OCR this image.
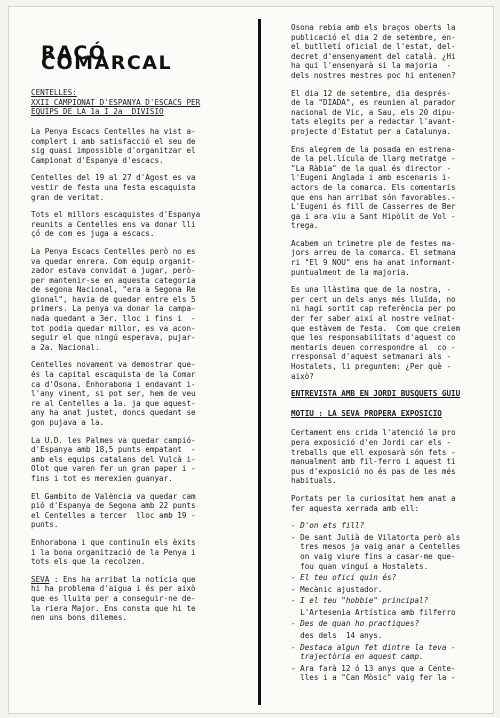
RACÓ COMARCAL
CENTELLES:
XXII CAMPIONAT D'ESPANYA D'ESCACS PER
EQUIPS DE LA 1a I 2a  DIVISIO
La Penya Escacs Centelles ha vist a-
complert i amb satisfacció el seu de
sig quasi impossible d'organitzar el
Campionat d'Espanya d'escacs.
Centelles del 19 al 27 d'Agost es va
vestir de festa una festa escaquista
gran de veritat.
Tots el millors escaquistes d'Espanya
reunits a Centelles ens va donar lli
çó de com es juga a escacs.
La Penya Escacs Centelles però no es
va quedar enrera. Com equip organit-
zador estava convidat a jugar, però-
per mantenir-se en aquesta categoria
de segona Nacional, "era a Segona Re
gional", havia de quedar entre els 5
primers. La penya va donar la campa-
nada quedant a 3er. lloc i fins i  -
tot podia quedar millor, es va acon-
seguir el que ningú esperava, pujar-
a 2a. Nacional.
Centelles novament va demostrar que-
és la capital escaquista de la Comar
ca d'Osona. Enhorabona i endavant i-
l'any vinent, si pot ser, hem de veu
re al Centelles a 1a. ja que aquest-
any ha anat justet, doncs quedant se
gon pujava a la.
La U.D. les Palmes va quedar campió-
d'Espanya amb 18,5 punts empatant  -
amb els equips catalans del Vulcà i-
Olot que varen fer un gran paper i -
fins i tot es merexien guanyar.
El Gambito de València va quedar cam
pió d'Espanya de Segona amb 22 punts
el Centelles a tercer  lloc amb 19 -
punts.
Enhorabona i que continuïn els èxits
i la bona organització de la Penya i
tots els que la recolzen.
SEVA : Ens ha arribat la notícia que
hi ha problema d'aigua i és per això
que es lluita per a conseguir-ne de-
la riera Major. Ens consta que hi te
nen uns bons dilemes.
Osona rebia amb els braços oberts la
publicació el dia 2 de setembre, en-
el butlletí oficial de l'estat, del-
decret d'ensenyament del català. ¿Hi
ha qui l'ensenyarà si la majoria  -
dels nostres mestres poc hi entenen?
El dia 12 de setembre, dia després-
de la "DIADA", es reunien al parador
nacional de Vic, a Sau, els 20 dipu-
tats elegits per a redactar l'avant-
projecte d'Estatut per a Catalunya.
Ens alegrem de la posada en estrena-
de la pel.lícula de llarg metratge -
"La Ràbia" de la qual és director -
l'Eugeni Anglada i amb escenaris i-
actors de la comarca. Els comentaris
que ens han arribat són favorables.-
L'Eugeni és fill de Casserres de Ber
ga i ara viu a Sant Hipòlit de Vol -
trega.
Acabem un trimetre ple de festes ma-
jors arreu de la comarca. El setmana
ri "El 9 NOU" ens ha anat informant-
puntualment de la majoria.
Es una llàstima que de la nostra, -
per cert un dels anys més lluïda, no
ni hagi sortit cap referència per po
der fer saber així al nostre veïnat-
que estàvem de festa.  Com que creiem
que les responsabilitats d'aquest co
mentaris deuen correspondre al  co -
rresponsal d'aquest setmanari als -
Hostalets, li preguntem: ¿Per què -
això?
ENTREVISTA AMB EN JORDI BUSQUETS GUIU
MOTIU : LA SEVA PROPERA EXPOSICIO
Certament ens crida l'atenció la pro
pera exposició d'en Jordi car els -
treballs que ell exposarà són fets -
manualment amb fil-ferro i aquest ti
pus d'exposició no és pas de les més
habituals.
Portats per la curiositat hem anat a
fer aquesta xerrada amb ell:
- D'on ets fill?
- De sant Julià de Vilatorta però als
tres mesos ja vaig anar a Centelles
on vaig viure fins a casar-me que-
fou quan vinguí a Hostalets.
- El teu ofici quin és?
- Mecànic ajustador.
- I el teu "hobbie" principal?
L'Artesenia Artística amb filferro
- Des de quan ho practiques?
des dels  14 anys.
- Destaca algun fet dintre la teva -
trajectòria en aquest camp.
- Ara farà 12 ó 13 anys que a Cente-
lles i a "Can Mòsic" vaig fer la -
